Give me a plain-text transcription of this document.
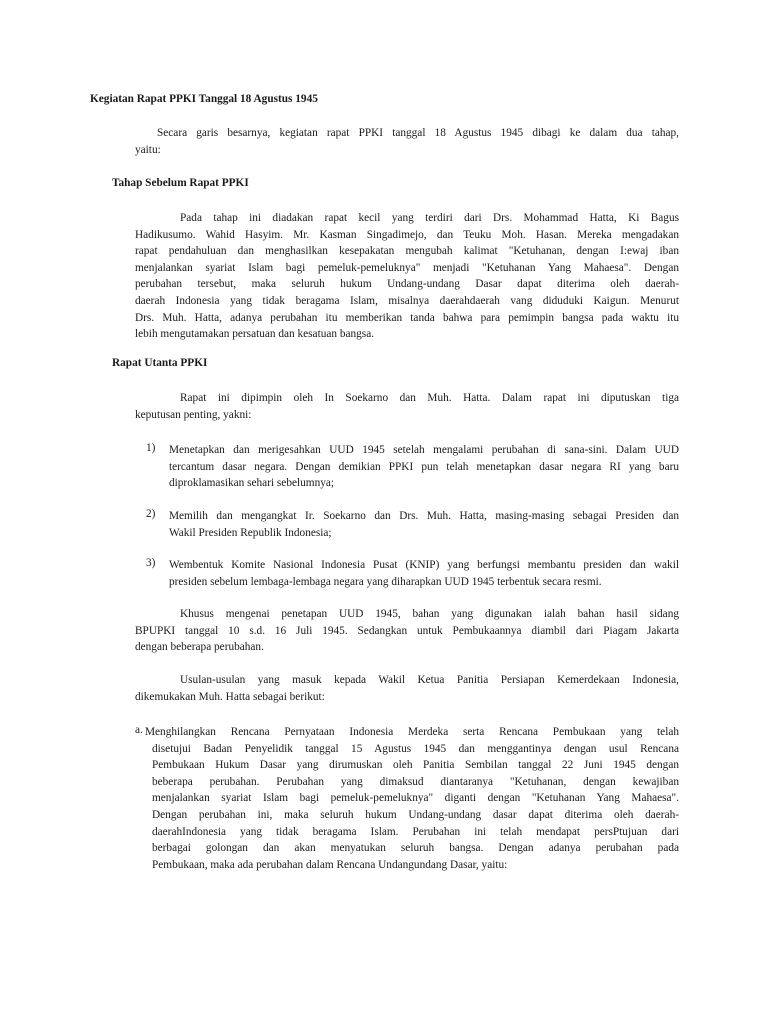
Kegiatan Rapat PPKI Tanggal 18 Agustus 1945
Secara garis besarnya, kegiatan rapat PPKI tanggal 18 Agustus 1945 dibagi ke dalam dua tahap,
yaitu:
Tahap Sebelum Rapat PPKI
Pada tahap ini diadakan rapat kecil yang terdiri dari Drs. Mohammad Hatta, Ki Bagus
Hadikusumo. Wahid Hasyim. Mr. Kasman Singadimejo, dan Teuku Moh. Hasan. Mereka mengadakan
rapat pendahuluan dan menghasilkan kesepakatan mengubah kalimat "Ketuhanan, dengan I:ewaj iban
menjalankan syariat Islam bagi pemeluk-pemeluknya" menjadi "Ketuhanan Yang Mahaesa". Dengan
perubahan tersebut, maka seluruh hukum Undang-undang Dasar dapat diterima oleh daerah-
daerah Indonesia yang tidak beragama Islam, misalnya daerahdaerah vang diduduki Kaigun. Menurut
Drs. Muh. Hatta, adanya perubahan itu memberikan tanda bahwa para pemimpin bangsa pada waktu itu
lebih mengutamakan persatuan dan kesatuan bangsa.
Rapat Utanta PPKI
Rapat ini dipimpin oleh In Soekarno dan Muh. Hatta. Dalam rapat ini diputuskan tiga
keputusan penting, yakni:
1)	Menetapkan dan merigesahkan UUD 1945 setelah mengalami perubahan di sana-sini. Dalam UUD
tercantum dasar negara. Dengan demikian PPKI pun telah menetapkan dasar negara RI yang baru
diproklamasikan sehari sebelumnya;
2)	Memilih dan mengangkat Ir. Soekarno dan Drs. Muh. Hatta, masing-masing sebagai Presiden dan
Wakil Presiden Republik Indonesia;
3)	Wembentuk Komite Nasional Indonesia Pusat (KNIP) yang berfungsi membantu presiden dan wakil
presiden sebelum lembaga-lembaga negara yang diharapkan UUD 1945 terbentuk secara resmi.
Khusus mengenai penetapan UUD 1945, bahan yang digunakan ialah bahan hasil sidang
BPUPKI tanggal 10 s.d. 16 Juli 1945. Sedangkan untuk Pembukaannya diambil dari Piagam Jakarta
dengan beberapa perubahan.
Usulan-usulan yang masuk kepada Wakil Ketua Panitia Persiapan Kemerdekaan Indonesia,
dikemukakan Muh. Hatta sebagai berikut:
a. Menghilangkan Rencana Pernyataan Indonesia Merdeka serta Rencana Pembukaan yang telah
disetujui Badan Penyelidik tanggal 15 Agustus 1945 dan menggantinya dengan usul Rencana
Pembukaan Hukum Dasar yang dirumuskan oleh Panitia Sembilan tanggal 22 Juni 1945 dengan
beberapa perubahan. Perubahan yang dimaksud diantaranya "Ketuhanan, dengan kewajiban
menjalankan syariat Islam bagi pemeluk-pemeluknya" diganti dengan "Ketuhanan Yang Mahaesa".
Dengan perubahan ini, maka seluruh hukum Undang-undang dasar dapat diterima oleh daerah-
daerahIndonesia yang tidak beragama Islam. Perubahan ini telah mendapat persPtujuan dari
berbagai golongan dan akan menyatukan seluruh bangsa. Dengan adanya perubahan pada
Pembukaan, maka ada perubahan dalam Rencana Undangundang Dasar, yaitu:
